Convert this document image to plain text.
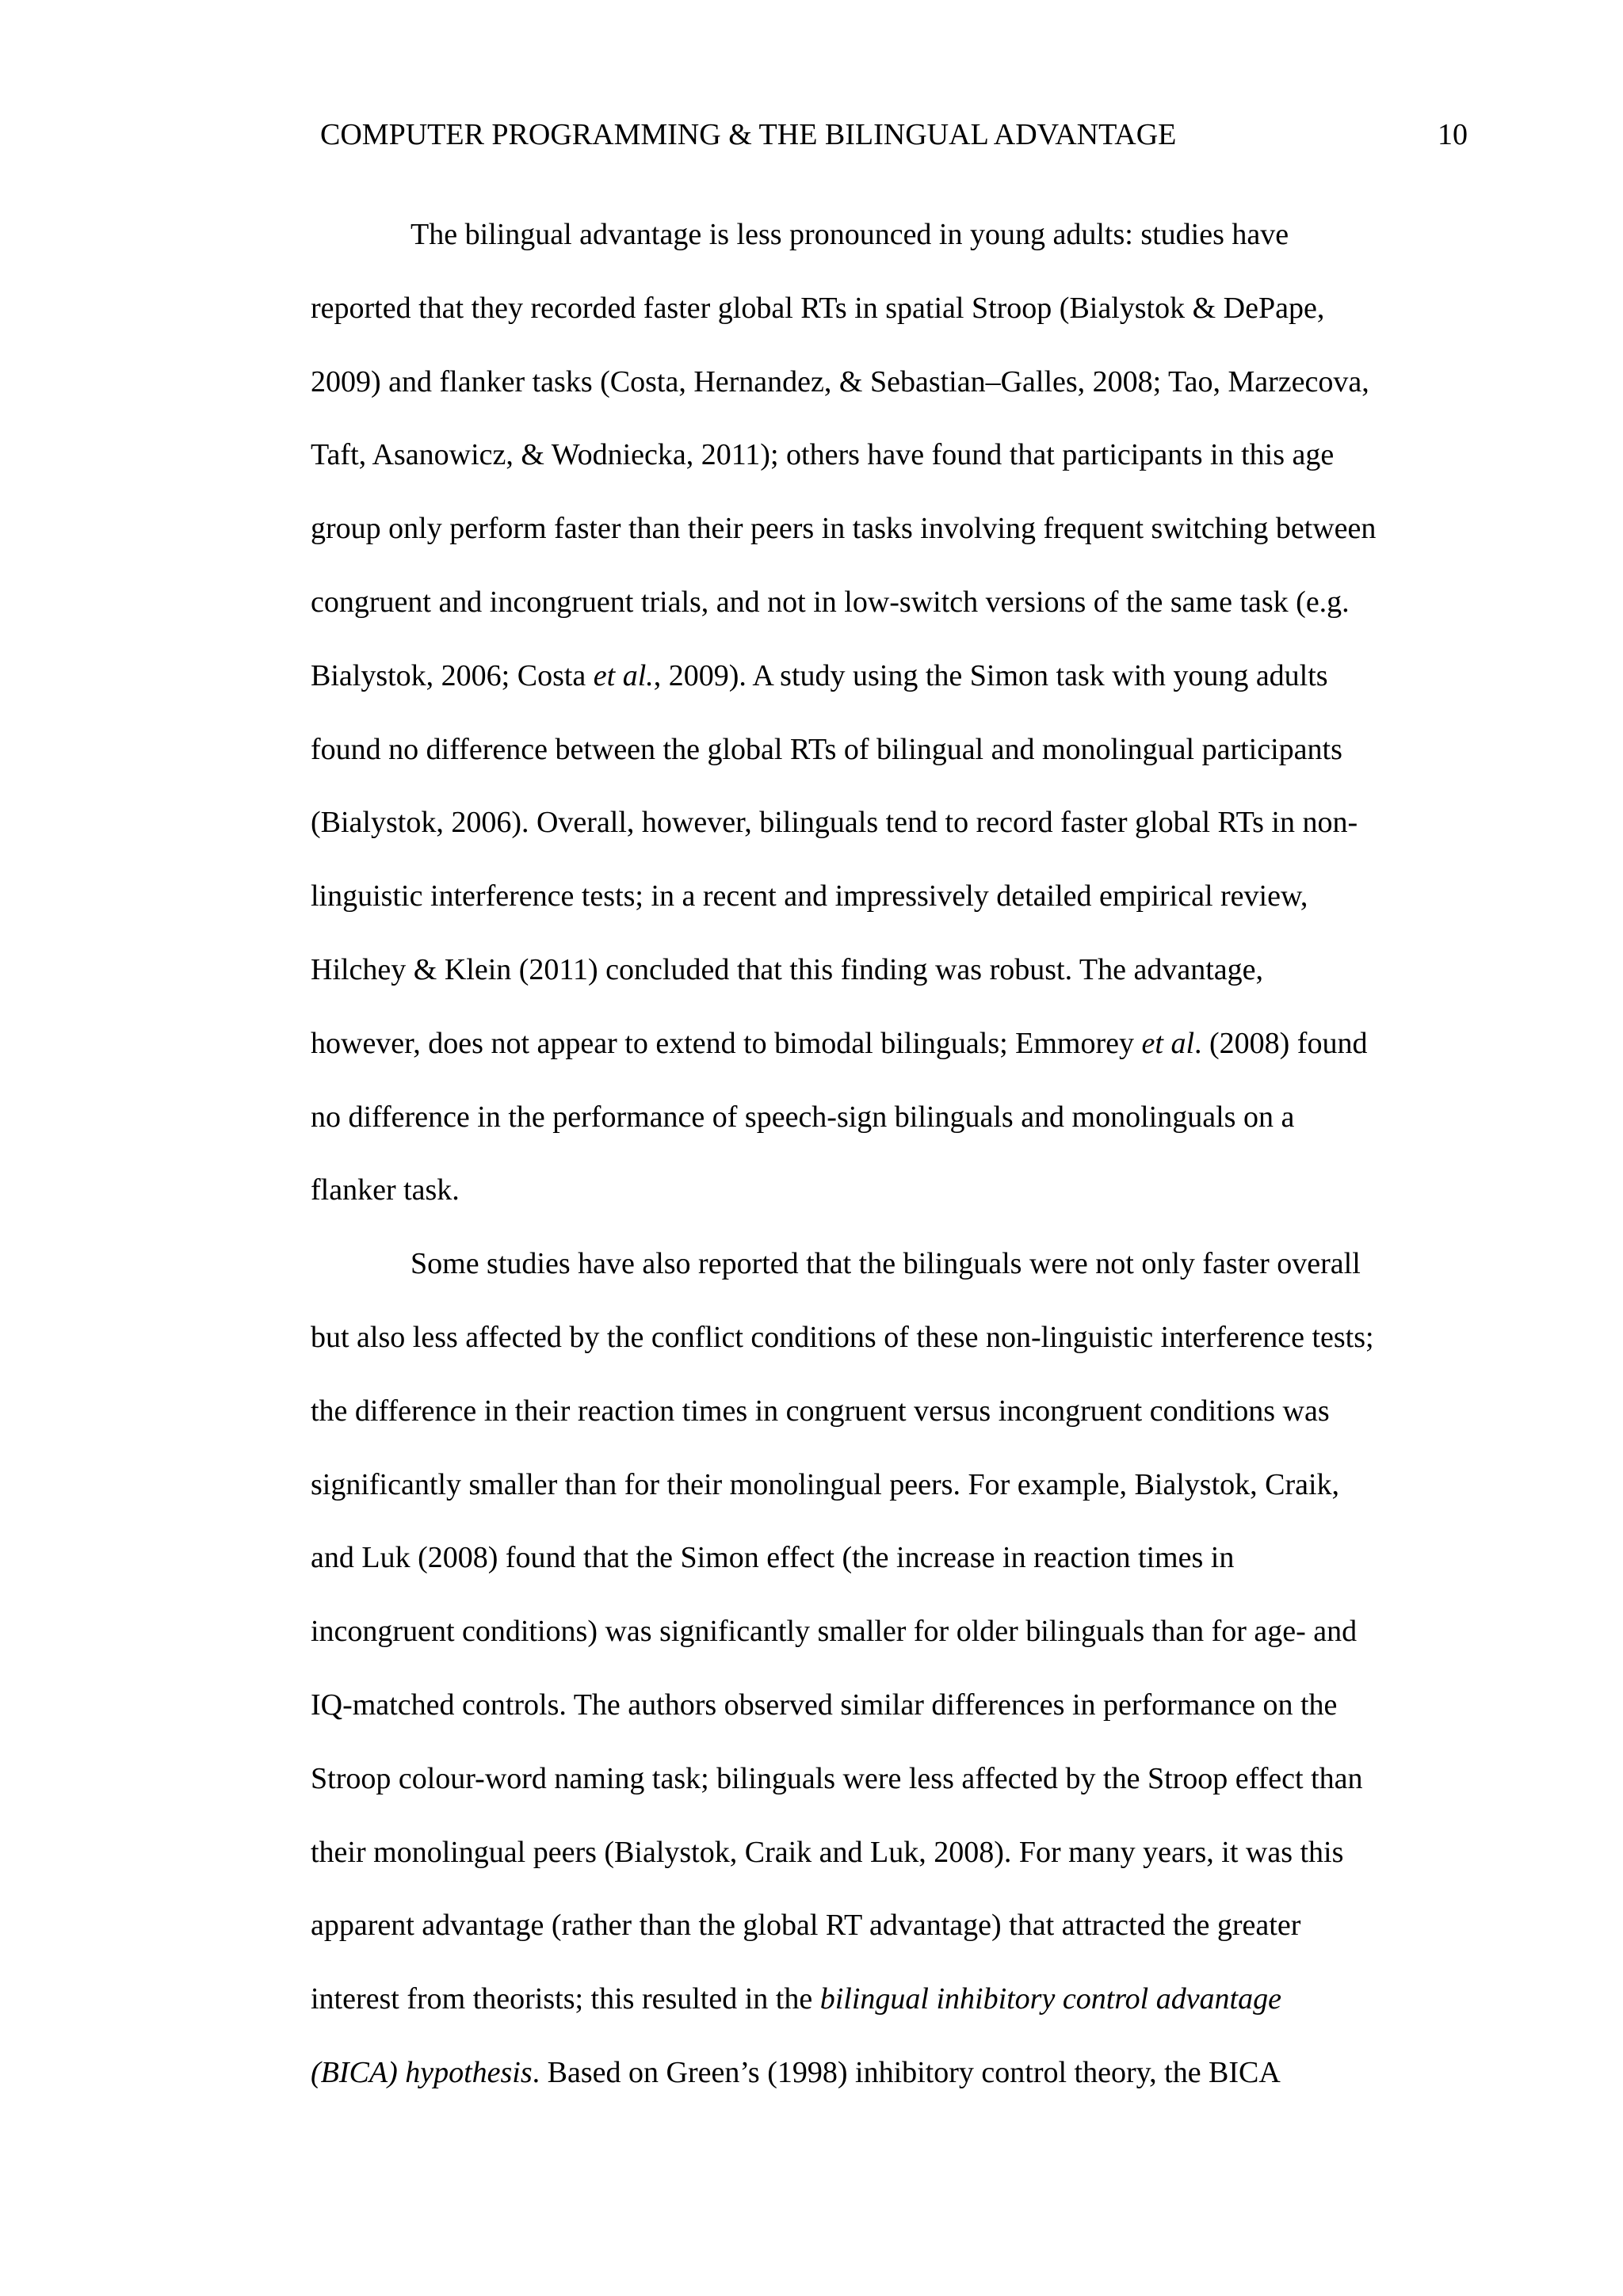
COMPUTER PROGRAMMING & THE BILINGUAL ADVANTAGE	10
The bilingual advantage is less pronounced in young adults: studies have
reported that they recorded faster global RTs in spatial Stroop (Bialystok & DePape,
2009) and flanker tasks (Costa, Hernandez, & Sebastian–Galles, 2008; Tao, Marzecova,
Taft, Asanowicz, & Wodniecka, 2011); others have found that participants in this age
group only perform faster than their peers in tasks involving frequent switching between
congruent and incongruent trials, and not in low-switch versions of the same task (e.g.
Bialystok, 2006; Costa et al., 2009). A study using the Simon task with young adults
found no difference between the global RTs of bilingual and monolingual participants
(Bialystok, 2006). Overall, however, bilinguals tend to record faster global RTs in non-
linguistic interference tests; in a recent and impressively detailed empirical review,
Hilchey & Klein (2011) concluded that this finding was robust. The advantage,
however, does not appear to extend to bimodal bilinguals; Emmorey et al. (2008) found
no difference in the performance of speech-sign bilinguals and monolinguals on a
flanker task.
Some studies have also reported that the bilinguals were not only faster overall
but also less affected by the conflict conditions of these non-linguistic interference tests;
the difference in their reaction times in congruent versus incongruent conditions was
significantly smaller than for their monolingual peers. For example, Bialystok, Craik,
and Luk (2008) found that the Simon effect (the increase in reaction times in
incongruent conditions) was significantly smaller for older bilinguals than for age- and
IQ-matched controls. The authors observed similar differences in performance on the
Stroop colour-word naming task; bilinguals were less affected by the Stroop effect than
their monolingual peers (Bialystok, Craik and Luk, 2008). For many years, it was this
apparent advantage (rather than the global RT advantage) that attracted the greater
interest from theorists; this resulted in the bilingual inhibitory control advantage
(BICA) hypothesis. Based on Green’s (1998) inhibitory control theory, the BICA
